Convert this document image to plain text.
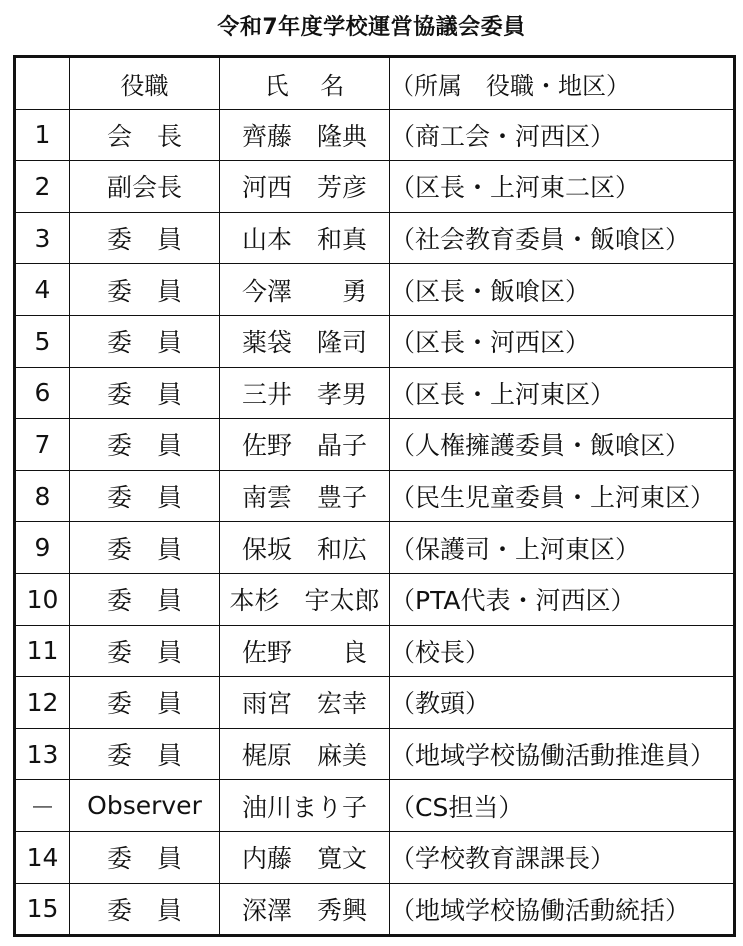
令和7年度学校運営協議会委員
	役職	氏　 名	（所属　役職・地区）
1	会　長	齊藤　隆典	（商工会・河西区）
2	副会長	河西　芳彦	（区長・上河東二区）
3	委　員	山本　和真	（社会教育委員・飯喰区）
4	委　員	今澤　　勇	（区長・飯喰区）
5	委　員	薬袋　隆司	（区長・河西区）
6	委　員	三井　孝男	（区長・上河東区）
7	委　員	佐野　晶子	（人権擁護委員・飯喰区）
8	委　員	南雲　豊子	（民生児童委員・上河東区）
9	委　員	保坂　和広	（保護司・上河東区）
10	委　員	本杉　宇太郎	（PTA代表・河西区）
11	委　員	佐野　　良	（校長）
12	委　員	雨宮　宏幸	（教頭）
13	委　員	梶原　麻美	（地域学校協働活動推進員）
－	Observer	油川まり子	（CS担当）
14	委　員	内藤　寛文	（学校教育課課長）
15	委　員	深澤　秀興	（地域学校協働活動統括）
